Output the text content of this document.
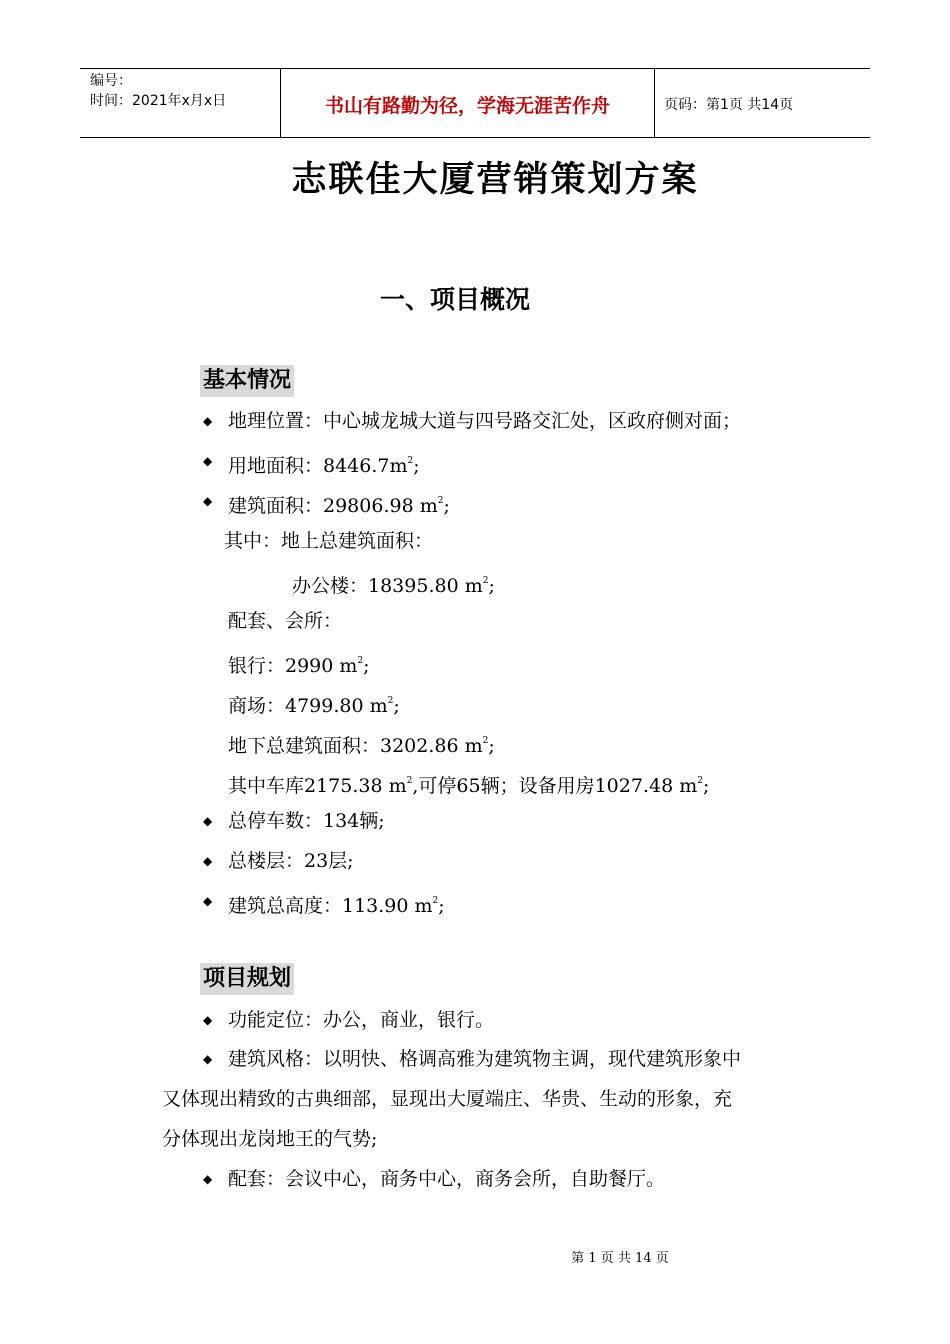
编号：
时间：2021年x月x日	书山有路勤为径，学海无涯苦作舟	页码：第1页 共14页
志联佳大厦营销策划方案
一、项目概况
基本情况
◆ 地理位置：中心城龙城大道与四号路交汇处，区政府侧对面；
◆ 用地面积：$8446.7m^2$;
◆ 建筑面积：29806.98 $m^2$;
其中：地上总建筑面积：
办公楼：18395.80 $m^2$;
配套、会所：
银行：2990 $m^2$;
商场：4799.80 $m^2$;
地下总建筑面积：3202.86 $m^2$;
其中车库2175.38 $m^2$,可停65辆；设备用房1027.48 $m^2$;
◆ 总停车数：134辆;
◆ 总楼层：23层;
◆ 建筑总高度：113.90 $m^2$;
项目规划
◆ 功能定位：办公，商业，银行。
◆ 建筑风格：以明快、格调高雅为建筑物主调，现代建筑形象中
又体现出精致的古典细部，显现出大厦端庄、华贵、生动的形象，充
分体现出龙岗地王的气势;
◆ 配套：会议中心，商务中心，商务会所，自助餐厅。
第 1 页 共 14 页
